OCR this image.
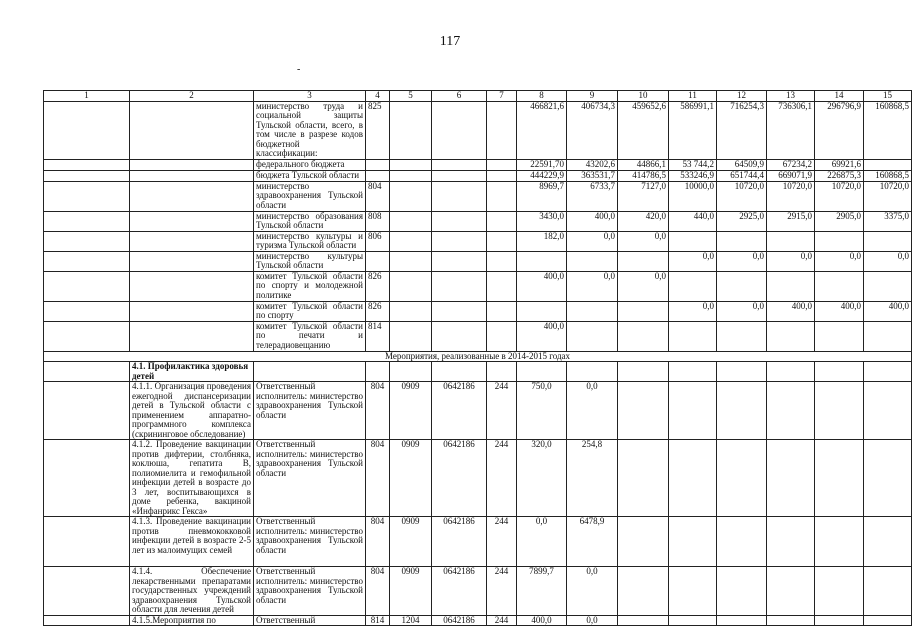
117
-
1	2	3	4	5	6	7	8	9	10	11	12	13	14	15
		министерство труда и социальной защиты Тульской области, всего, в том числе в разрезе кодов бюджетной классификации:	825				466821,6	406734,3	459652,6	586991,1	716254,3	736306,1	296796,9	160868,5
		федерального бюджета					22591,70	43202,6	44866,1	53 744,2	64509,9	67234,2	69921,6	
		бюджета Тульской области					444229,9	363531,7	414786,5	533246,9	651744,4	669071,9	226875,3	160868,5
		министерство здравоохранения Тульской области	804				8969,7	6733,7	7127,0	10000,0	10720,0	10720,0	10720,0	10720,0
		министерство образования Тульской области	808				3430,0	400,0	420,0	440,0	2925,0	2915,0	2905,0	3375,0
		министерство культуры и туризма Тульской области	806				182,0	0,0	0,0					
		министерство культуры Тульской области								0,0	0,0	0,0	0,0	0,0
		комитет Тульской области по спорту и молодежной политике	826				400,0	0,0	0,0					
		комитет Тульской области по спорту	826							0,0	0,0	400,0	400,0	400,0
		комитет Тульской области по печати и телерадиовещанию	814				400,0							
Мероприятия, реализованные в 2014-2015 годах														
	4.1. Профилактика здоровья детей													
	4.1.1. Организация проведения ежегодной диспансеризации детей в Тульской области с применением аппаратно-программного комплекса (скрининговое обследование)	Ответственный исполнитель: министерство здравоохранения Тульской области	804	0909	0642186	244	750,0	0,0						
	4.1.2. Проведение вакцинации против дифтерии, столбняка, коклюша, гепатита В, полиомиелита и гемофильной инфекции детей в возрасте до 3 лет, воспитывающихся в доме ребенка, вакциной «Инфанрикс Гекса»	Ответственный исполнитель: министерство здравоохранения Тульской области	804	0909	0642186	244	320,0	254,8						
	4.1.3. Проведение вакцинации против пневмококковой инфекции детей в возрасте 2-5 лет из малоимущих семей	Ответственный исполнитель: министерство здравоохранения Тульской области	804	0909	0642186	244	0,0	6478,9						
	4.1.4. Обеспечение лекарственными препаратами государственных учреждений здравоохранения Тульской области для лечения детей	Ответственный исполнитель: министерство здравоохранения Тульской области	804	0909	0642186	244	7899,7	0,0						
	4.1.5.Мероприятия по	Ответственный	814	1204	0642186	244	400,0	0,0						
